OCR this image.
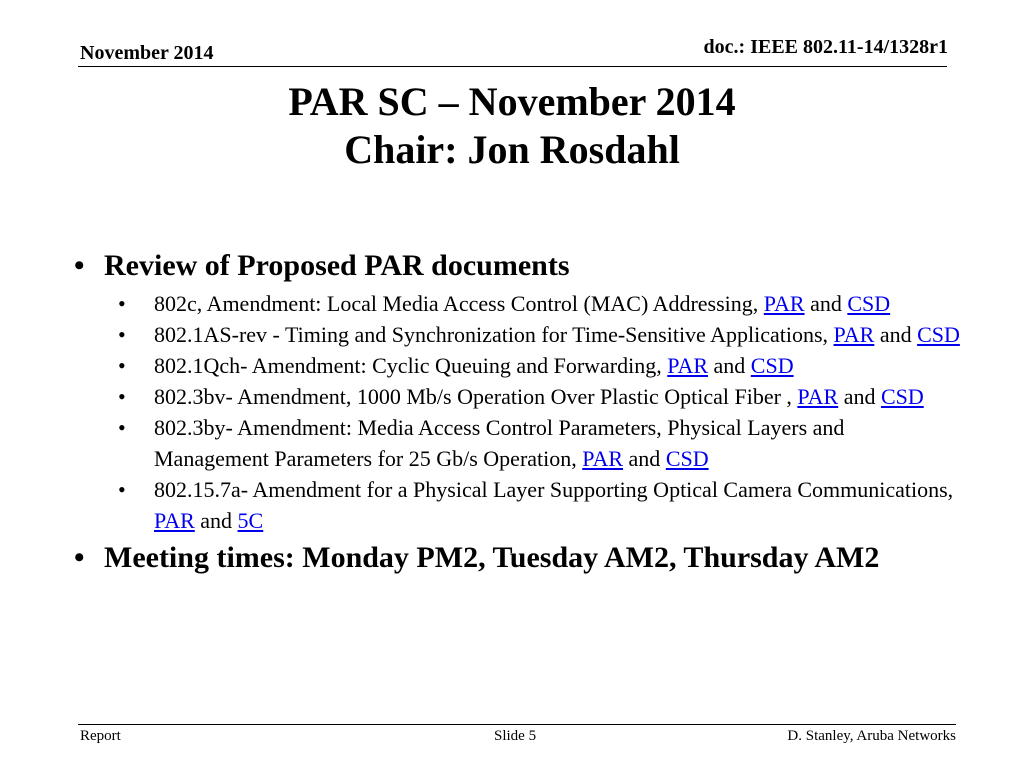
November 2014	doc.: IEEE 802.11-14/1328r1
PAR SC – November 2014
Chair: Jon Rosdahl
• Review of Proposed PAR documents
• 802c, Amendment: Local Media Access Control (MAC) Addressing, PAR and CSD
• 802.1AS-rev - Timing and Synchronization for Time-Sensitive Applications, PAR and CSD
• 802.1Qch- Amendment: Cyclic Queuing and Forwarding, PAR and CSD
• 802.3bv- Amendment, 1000 Mb/s Operation Over Plastic Optical Fiber , PAR and CSD
• 802.3by- Amendment: Media Access Control Parameters, Physical Layers and Management Parameters for 25 Gb/s Operation, PAR and CSD
• 802.15.7a- Amendment for a Physical Layer Supporting Optical Camera Communications, PAR and 5C
• Meeting times: Monday PM2, Tuesday AM2, Thursday AM2
Report	Slide 5	D. Stanley, Aruba Networks
